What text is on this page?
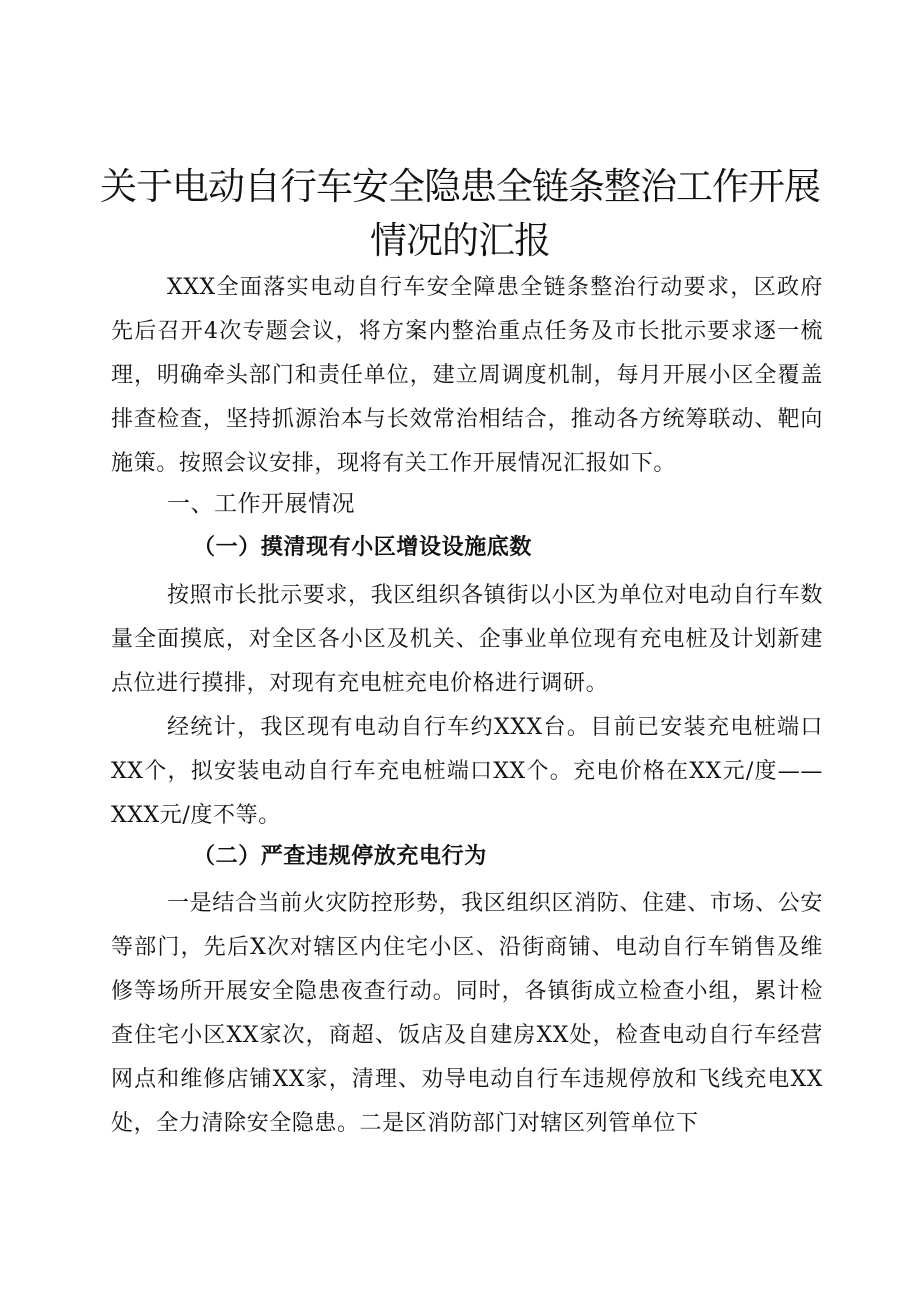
关于电动自行车安全隐患全链条整治工作开展情况的汇报

XXX全面落实电动自行车安全障患全链条整治行动要求，区政府先后召开4次专题会议，将方案内整治重点任务及市长批示要求逐一梳理，明确牵头部门和责任单位，建立周调度机制，每月开展小区全覆盖排查检查，坚持抓源治本与长效常治相结合，推动各方统筹联动、靶向施策。按照会议安排，现将有关工作开展情况汇报如下。

一、工作开展情况
（一）摸清现有小区增设设施底数

按照市长批示要求，我区组织各镇街以小区为单位对电动自行车数量全面摸底，对全区各小区及机关、企事业单位现有充电桩及计划新建点位进行摸排，对现有充电桩充电价格进行调研。

经统计，我区现有电动自行车约XXX台。目前已安装充电桩端口XX个，拟安装电动自行车充电桩端口XX个。充电价格在XX元/度——XXX元/度不等。

（二）严查违规停放充电行为

一是结合当前火灾防控形势，我区组织区消防、住建、市场、公安等部门，先后X次对辖区内住宅小区、沿街商铺、电动自行车销售及维修等场所开展安全隐患夜查行动。同时，各镇街成立检查小组，累计检查住宅小区XX家次，商超、饭店及自建房XX处，检查电动自行车经营网点和维修店铺XX家，清理、劝导电动自行车违规停放和飞线充电XX处，全力清除安全隐患。二是区消防部门对辖区列管单位下
